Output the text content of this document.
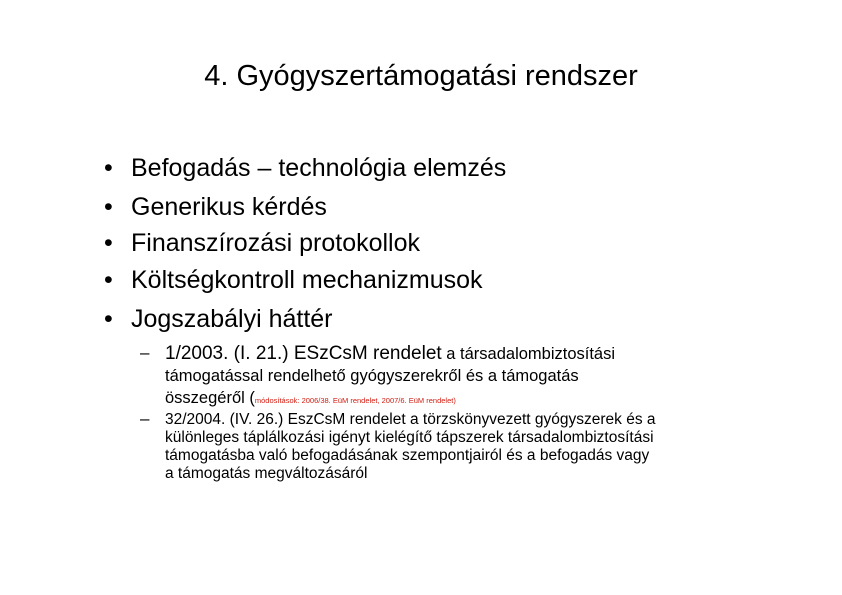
4. Gyógyszertámogatási rendszer
• Befogadás – technológia elemzés
• Generikus kérdés
• Finanszírozási protokollok
• Költségkontroll mechanizmusok
• Jogszabályi háttér
– 1/2003. (I. 21.) ESzCsM rendelet a társadalombiztosítási
támogatással rendelhető gyógyszerekről és a támogatás
összegéről (módosítások: 2006/38. EüM rendelet, 2007/6. EüM rendelet)
– 32/2004. (IV. 26.) EszCsM rendelet a törzskönyvezett gyógyszerek és a
különleges táplálkozási igényt kielégítő tápszerek társadalombiztosítási
támogatásba való befogadásának szempontjairól és a befogadás vagy
a támogatás megváltozásáról
